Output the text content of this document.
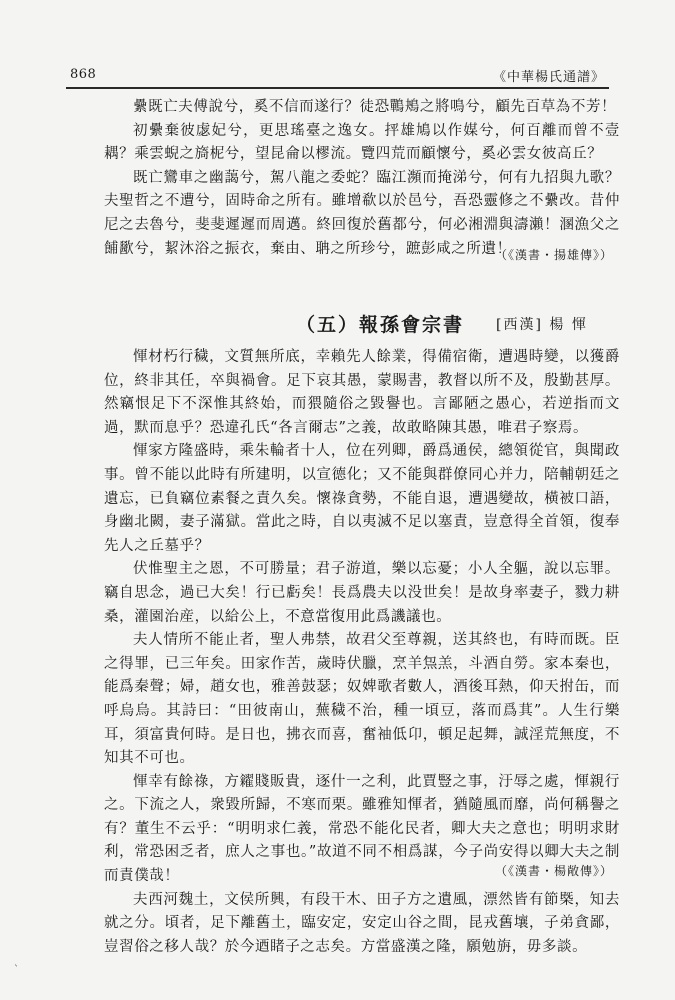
868	《中華楊氏通譜》

纍既亡夫傅說兮，奚不信而遂行？徒恐鷤鴂之將鳴兮，顧先百草為不芳！

初纍棄彼虙妃兮，更思瑤臺之逸女。抨雄鳩以作媒兮，何百離而曾不壹耦？乘雲蜺之旖柅兮，望昆侖以樛流。覽四荒而顧懷兮，奚必雲女彼高丘？

既亡鸞車之幽藹兮，駕八龍之委蛇？臨江瀕而掩涕兮，何有九招與九歌？夫聖哲之不遭兮，固時命之所有。雖增欷以於邑兮，吾恐靈修之不纍改。昔仲尼之去魯兮，斐斐遲遲而周邁。終回復於舊都兮，何必湘淵與濤瀨！溷漁父之餔歠兮，絜沐浴之振衣，棄由、聃之所珍兮，蹠彭咸之所遺！

（《漢書・揚雄傳》）
（五）報孫會宗書 [西漢] 楊 惲

惲材朽行穢，文質無所底，幸賴先人餘業，得備宿衛，遭遇時變，以獲爵位，終非其任，卒與禍會。足下哀其愚，蒙賜書，教督以所不及，殷勤甚厚。然竊恨足下不深惟其終始，而猥隨俗之毀譽也。言鄙陋之愚心，若逆指而文過，默而息乎？恐違孔氏“各言爾志”之義，故敢略陳其愚，唯君子察焉。

惲家方隆盛時，乘朱輪者十人，位在列卿，爵爲通侯，總領從官，與聞政事。曾不能以此時有所建明，以宣德化；又不能與群僚同心并力，陪輔朝廷之遺忘，已負竊位素餐之責久矣。懷祿貪勢，不能自退，遭遇變故，橫被口語，身幽北闕，妻子滿獄。當此之時，自以夷滅不足以塞責，豈意得全首領，復奉先人之丘墓乎？

伏惟聖主之恩，不可勝量；君子游道，樂以忘憂；小人全軀，說以忘罪。竊自思念，過已大矣！行已虧矣！長爲農夫以没世矣！是故身率妻子，戮力耕桑，灌園治産，以給公上，不意當復用此爲譏議也。

夫人情所不能止者，聖人弗禁，故君父至尊親，送其終也，有時而既。臣之得罪，已三年矣。田家作苦，歲時伏臘，烹羊炰羔，斗酒自勞。家本秦也，能爲秦聲；婦，趙女也，雅善鼓瑟；奴婢歌者數人，酒後耳熱，仰天拊缶，而呼烏烏。其詩曰：“田彼南山，蕪穢不治，種一頃豆，落而爲萁”。人生行樂耳，須富貴何時。是日也，拂衣而喜，奮袖低卬，頓足起舞，誠淫荒無度，不知其不可也。

惲幸有餘祿，方糴賤販貴，逐什一之利，此賈豎之事，汙辱之處，惲親行之。下流之人，衆毀所歸，不寒而栗。雖雅知惲者，猶隨風而靡，尚何稱譽之有？董生不云乎：“明明求仁義，常恐不能化民者，卿大夫之意也；明明求財利，常恐困乏者，庶人之事也。”故道不同不相爲謀，今子尚安得以卿大夫之制而責僕哉！

夫西河魏土，文侯所興，有段干木、田子方之遺風，漂然皆有節槩，知去就之分。頃者，足下離舊土，臨安定，安定山谷之間，昆戎舊壤，子弟貪鄙，豈習俗之移人哉？於今迺睹子之志矣。方當盛漢之隆，願勉旃，毋多談。

（《漢書・楊敞傳》）
ˋ
